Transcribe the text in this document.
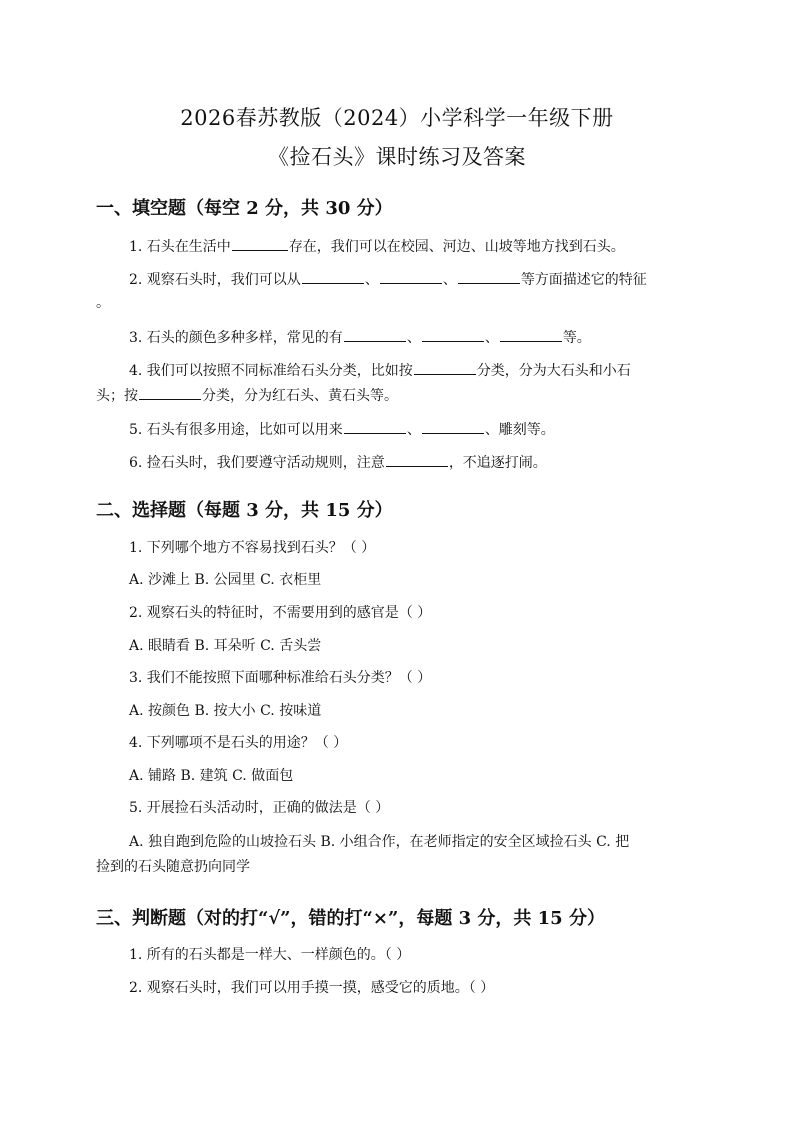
2026春苏教版（2024）小学科学一年级下册
《捡石头》课时练习及答案
一、填空题（每空 2 分，共 30 分）
1. 石头在生活中	存在，我们可以在校园、河边、山坡等地方找到石头。
2. 观察石头时，我们可以从	、	、	等方面描述它的特征
。
3. 石头的颜色多种多样，常见的有	、	、	等。
4. 我们可以按照不同标准给石头分类，比如按	分类，分为大石头和小石
头；按	分类，分为红石头、黄石头等。
5. 石头有很多用途，比如可以用来	、	、雕刻等。
6. 捡石头时，我们要遵守活动规则，注意	，不追逐打闹。
二、选择题（每题 3 分，共 15 分）
1. 下列哪个地方不容易找到石头？（ ）
A. 沙滩上 B. 公园里 C. 衣柜里
2. 观察石头的特征时，不需要用到的感官是（ ）
A. 眼睛看 B. 耳朵听 C. 舌头尝
3. 我们不能按照下面哪种标准给石头分类？（ ）
A. 按颜色 B. 按大小 C. 按味道
4. 下列哪项不是石头的用途？（ ）
A. 铺路 B. 建筑 C. 做面包
5. 开展捡石头活动时，正确的做法是（ ）
A. 独自跑到危险的山坡捡石头 B. 小组合作，在老师指定的安全区域捡石头 C. 把
捡到的石头随意扔向同学
三、判断题（对的打“√”，错的打“×”，每题 3 分，共 15 分）
1. 所有的石头都是一样大、一样颜色的。（ ）
2. 观察石头时，我们可以用手摸一摸，感受它的质地。（ ）
